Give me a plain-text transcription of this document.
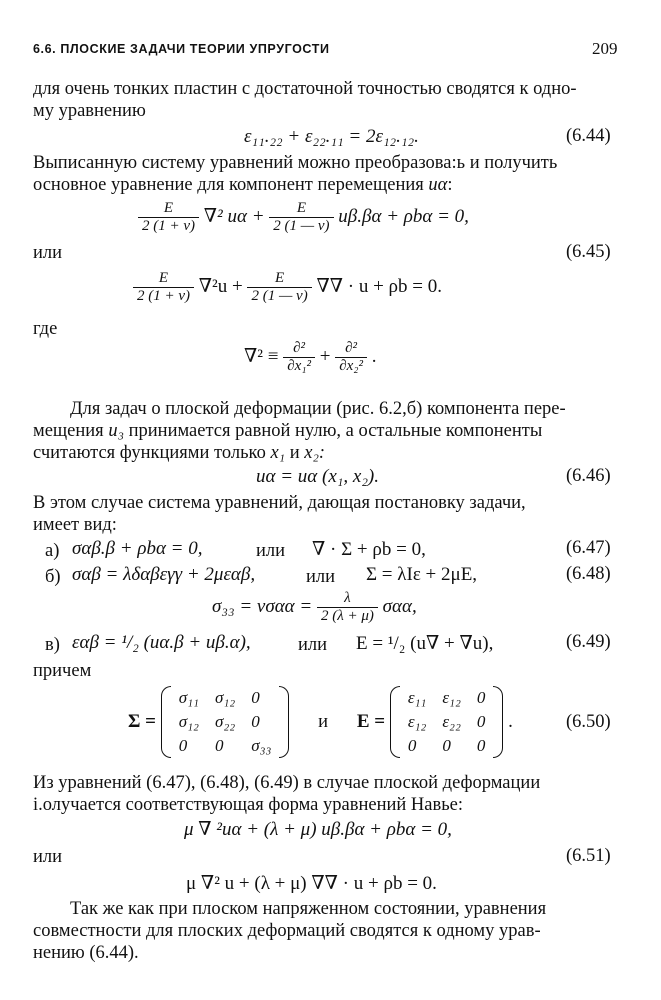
6.6. ПЛОСКИЕ ЗАДАЧИ ТЕОРИИ УПРУГОСТИ	209
для очень тонких пластин с достаточной точностью сводятся к одно-
му уравнению
ε₁₁.₂₂ + ε₂₂.₁₁ = 2ε₁₂.₁₂.	(6.44)
Выписанную систему уравнений можно преобразова:ь и получить
основное уравнение для компонент перемещения uα:
$\frac{E}{2 (1 + \nu)} \nabla^2$ $u\alpha + \frac{E}{2 (1 — \nu)} u\beta.\beta\alpha + \rho b\alpha = 0$,
или	(6.45)
$\frac{E}{2 (1 + \nu)} \nabla^2u + \frac{E}{2 (1 — \nu)}$ ∇∇ · u + ρb = 0.
где
$\nabla^2 \equiv \frac{\text{∂²}}{\text{∂x₁²}} + \frac{\text{∂²}}{\text{∂x₂²}}$ .
Для задач о плоской деформации (рис. 6.2,б) компонента пере-
мещения u₃ принимается равной нулю, а остальные компоненты
считаются функциями только x₁ и x₂:
uα = uα (x₁, x₂).	(6.46)
В этом случае система уравнений, дающая постановку задачи,
имеет вид:
а) σαβ.β + ρbα = 0,	или ∇ · Σ + ρb = 0,	(6.47)
б) σαβ = λδαβεγγ + 2μεαβ,	или Σ = λIε + 2μE,	(6.48)
$\sigma_{33} = \nu\sigma\alpha\alpha = \frac{\lambda}{2 (\lambda + \mu)} \sigma\alpha\alpha$,
в) εαβ = ¹/₂ (uα.β + uβ.α),	или E = ¹/₂ (u∇ + ∇u),	(6.49)
причем
Σ =
σ₁₁	σ₁₂	0
σ₁₂	σ₂₂	0
0	0	σ₃₃
и E =
ε₁₁	ε₁₂	0
ε₁₂	ε₂₂	0
0	0	0
.	(6.50)
Из уравнений (6.47), (6.48), (6.49) в случае плоской деформации
і.олучается соответствующая форма уравнений Навье:
μ ∇ ²uα + (λ + μ) uβ.βα + ρbα = 0,
или	(6.51)
μ ∇² u + (λ + μ) ∇∇ · u + ρb = 0.
Так же как при плоском напряженном состоянии, уравнения
совместности для плоских деформаций сводятся к одному урав-
нению (6.44).
